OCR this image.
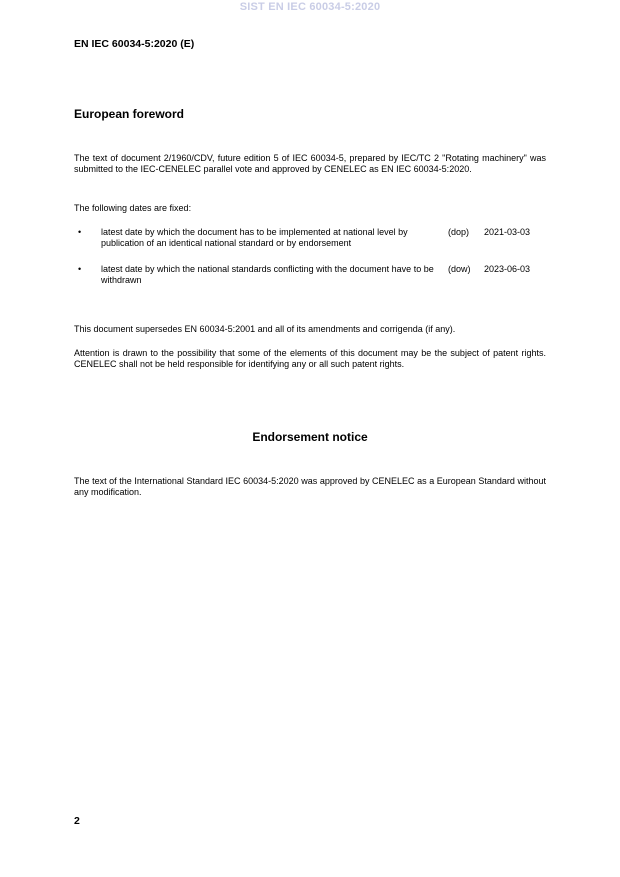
SIST EN IEC 60034-5:2020
EN IEC 60034-5:2020 (E)
European foreword
The text of document 2/1960/CDV, future edition 5 of IEC 60034-5, prepared by IEC/TC 2 "Rotating machinery" was submitted to the IEC-CENELEC parallel vote and approved by CENELEC as EN IEC 60034-5:2020.
The following dates are fixed:
• latest date by which the document has to be implemented at national level by publication of an identical national standard or by endorsement
(dop) 2021-03-03
• latest date by which the national standards conflicting with the document have to be withdrawn
(dow) 2023-06-03
This document supersedes EN 60034-5:2001 and all of its amendments and corrigenda (if any).
Attention is drawn to the possibility that some of the elements of this document may be the subject of patent rights. CENELEC shall not be held responsible for identifying any or all such patent rights.
Endorsement notice
The text of the International Standard IEC 60034-5:2020 was approved by CENELEC as a European Standard without any modification.
2
